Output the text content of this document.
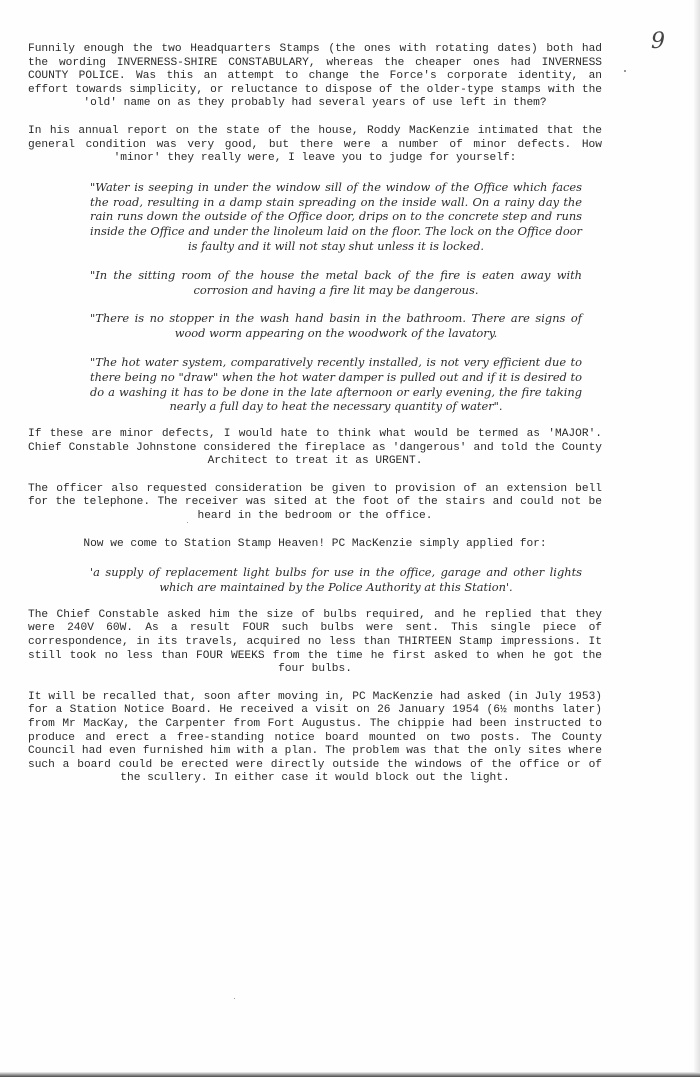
9

Funnily enough the two Headquarters Stamps (the ones with rotating dates) both had the wording INVERNESS-SHIRE CONSTABULARY, whereas the cheaper ones had INVERNESS COUNTY POLICE. Was this an attempt to change the Force's corporate identity, an effort towards simplicity, or reluctance to dispose of the older-type stamps with the 'old' name on as they probably had several years of use left in them?

In his annual report on the state of the house, Roddy MacKenzie intimated that the general condition was very good, but there were a number of minor defects. How 'minor' they really were, I leave you to judge for yourself:

"Water is seeping in under the window sill of the window of the Office which faces the road, resulting in a damp stain spreading on the inside wall. On a rainy day the rain runs down the outside of the Office door, drips on to the concrete step and runs inside the Office and under the linoleum laid on the floor. The lock on the Office door is faulty and it will not stay shut unless it is locked.

"In the sitting room of the house the metal back of the fire is eaten away with corrosion and having a fire lit may be dangerous.

"There is no stopper in the wash hand basin in the bathroom. There are signs of wood worm appearing on the woodwork of the lavatory.

"The hot water system, comparatively recently installed, is not very efficient due to there being no "draw" when the hot water damper is pulled out and if it is desired to do a washing it has to be done in the late afternoon or early evening, the fire taking nearly a full day to heat the necessary quantity of water".

If these are minor defects, I would hate to think what would be termed as 'MAJOR'. Chief Constable Johnstone considered the fireplace as 'dangerous' and told the County Architect to treat it as URGENT.

The officer also requested consideration be given to provision of an extension bell for the telephone. The receiver was sited at the foot of the stairs and could not be heard in the bedroom or the office.

Now we come to Station Stamp Heaven! PC MacKenzie simply applied for:

'a supply of replacement light bulbs for use in the office, garage and other lights which are maintained by the Police Authority at this Station'.

The Chief Constable asked him the size of bulbs required, and he replied that they were 240V 60W. As a result FOUR such bulbs were sent. This single piece of correspondence, in its travels, acquired no less than THIRTEEN Stamp impressions. It still took no less than FOUR WEEKS from the time he first asked to when he got the four bulbs.

It will be recalled that, soon after moving in, PC MacKenzie had asked (in July 1953) for a Station Notice Board. He received a visit on 26 January 1954 (6½ months later) from Mr MacKay, the Carpenter from Fort Augustus. The chippie had been instructed to produce and erect a free-standing notice board mounted on two posts. The County Council had even furnished him with a plan. The problem was that the only sites where such a board could be erected were directly outside the windows of the office or of the scullery. In either case it would block out the light.
